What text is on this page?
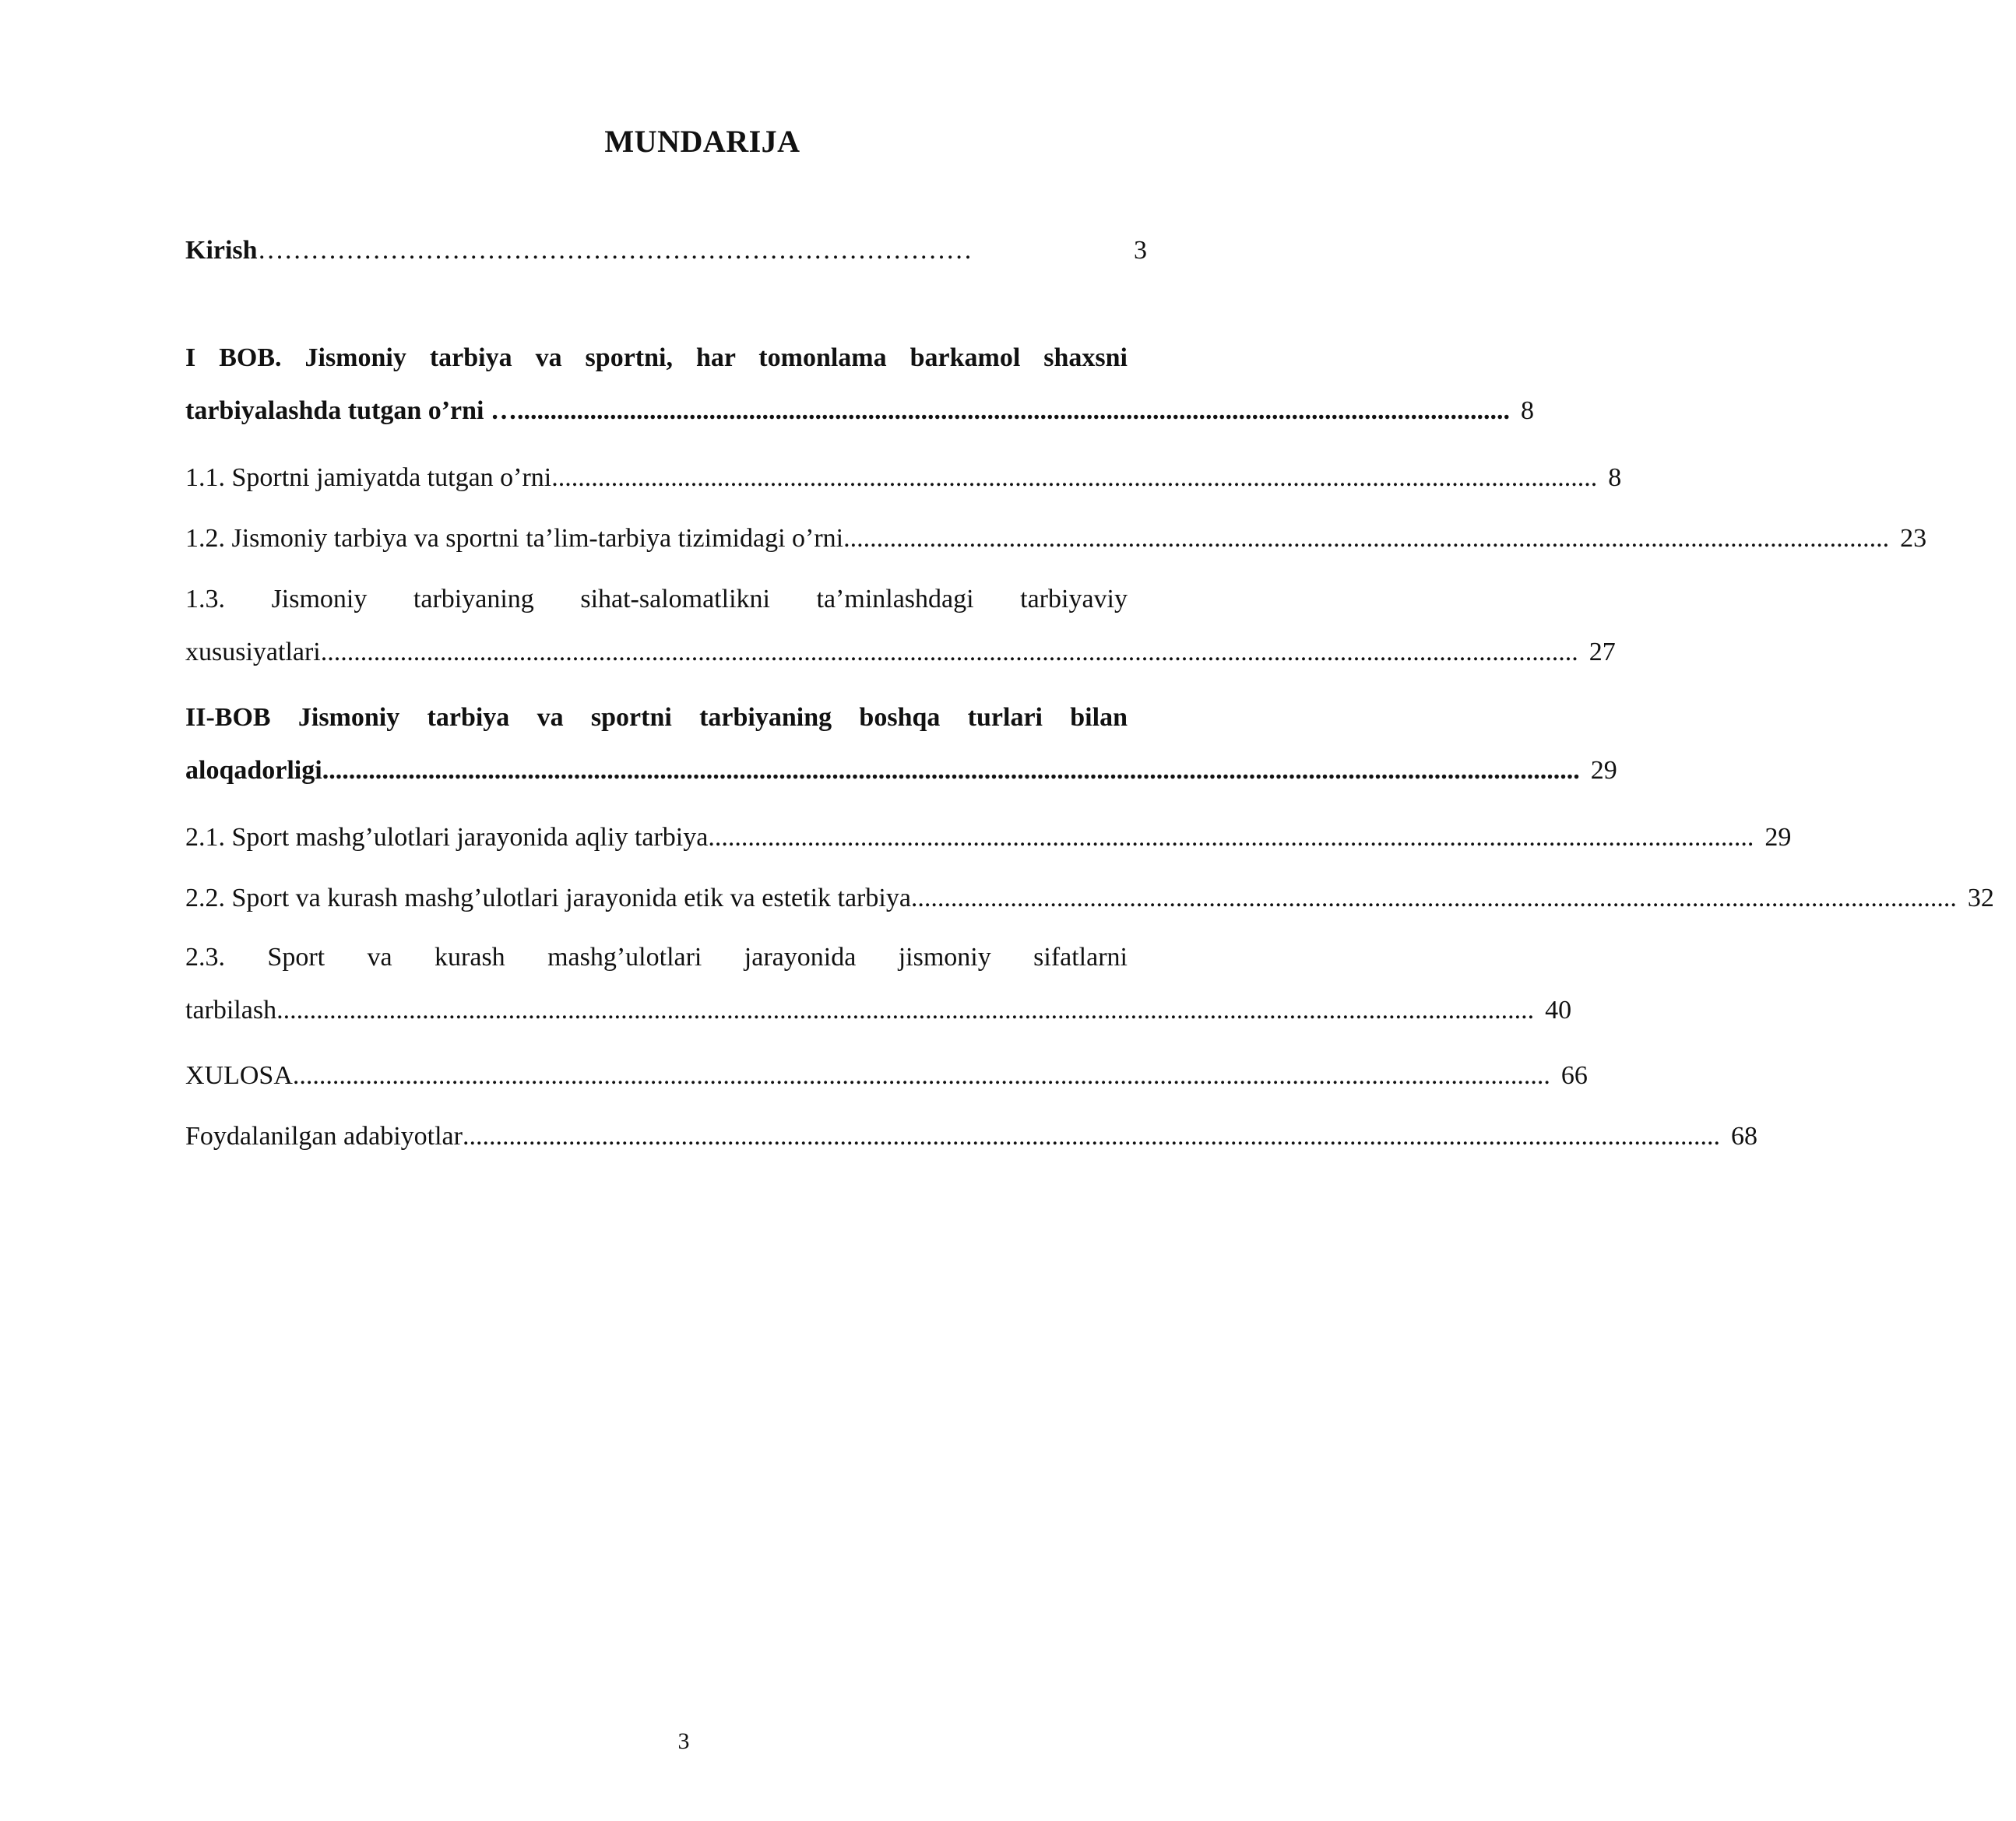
MUNDARIJA
Kirish ………………………………………………………………………	3
I BOB. Jismoniy tarbiya va sportni, har tomonlama barkamol shaxsni
tarbiyalashda tutgan o’rni … ...................................................................................................................................................... 8
1.1. Sportni jamiyatda tutgan o’rni .............................................................................................................................................................. 8
1.2. Jismoniy tarbiya va sportni ta’lim-tarbiya tizimidagi o’rni .............................................................................................................................................................. 23
1.3. Jismoniy tarbiyaning sihat-salomatlikni ta’minlashdagi tarbiyaviy
xususiyatlari .............................................................................................................................................................................................. 27
II-BOB Jismoniy tarbiya va sportni tarbiyaning boshqa turlari bilan
aloqadorligi .............................................................................................................................................................................................. 29
2.1. Sport mashg’ulotlari jarayonida aqliy tarbiya .............................................................................................................................................................. 29
2.2. Sport va kurash mashg’ulotlari jarayonida etik va estetik tarbiya .............................................................................................................................................................. 32
2.3. Sport va kurash mashg’ulotlari jarayonida jismoniy sifatlarni
tarbilash .............................................................................................................................................................................................. 40
XULOSA .............................................................................................................................................................................................. 66
Foydalanilgan adabiyotlar .............................................................................................................................................................................................. 68
3
